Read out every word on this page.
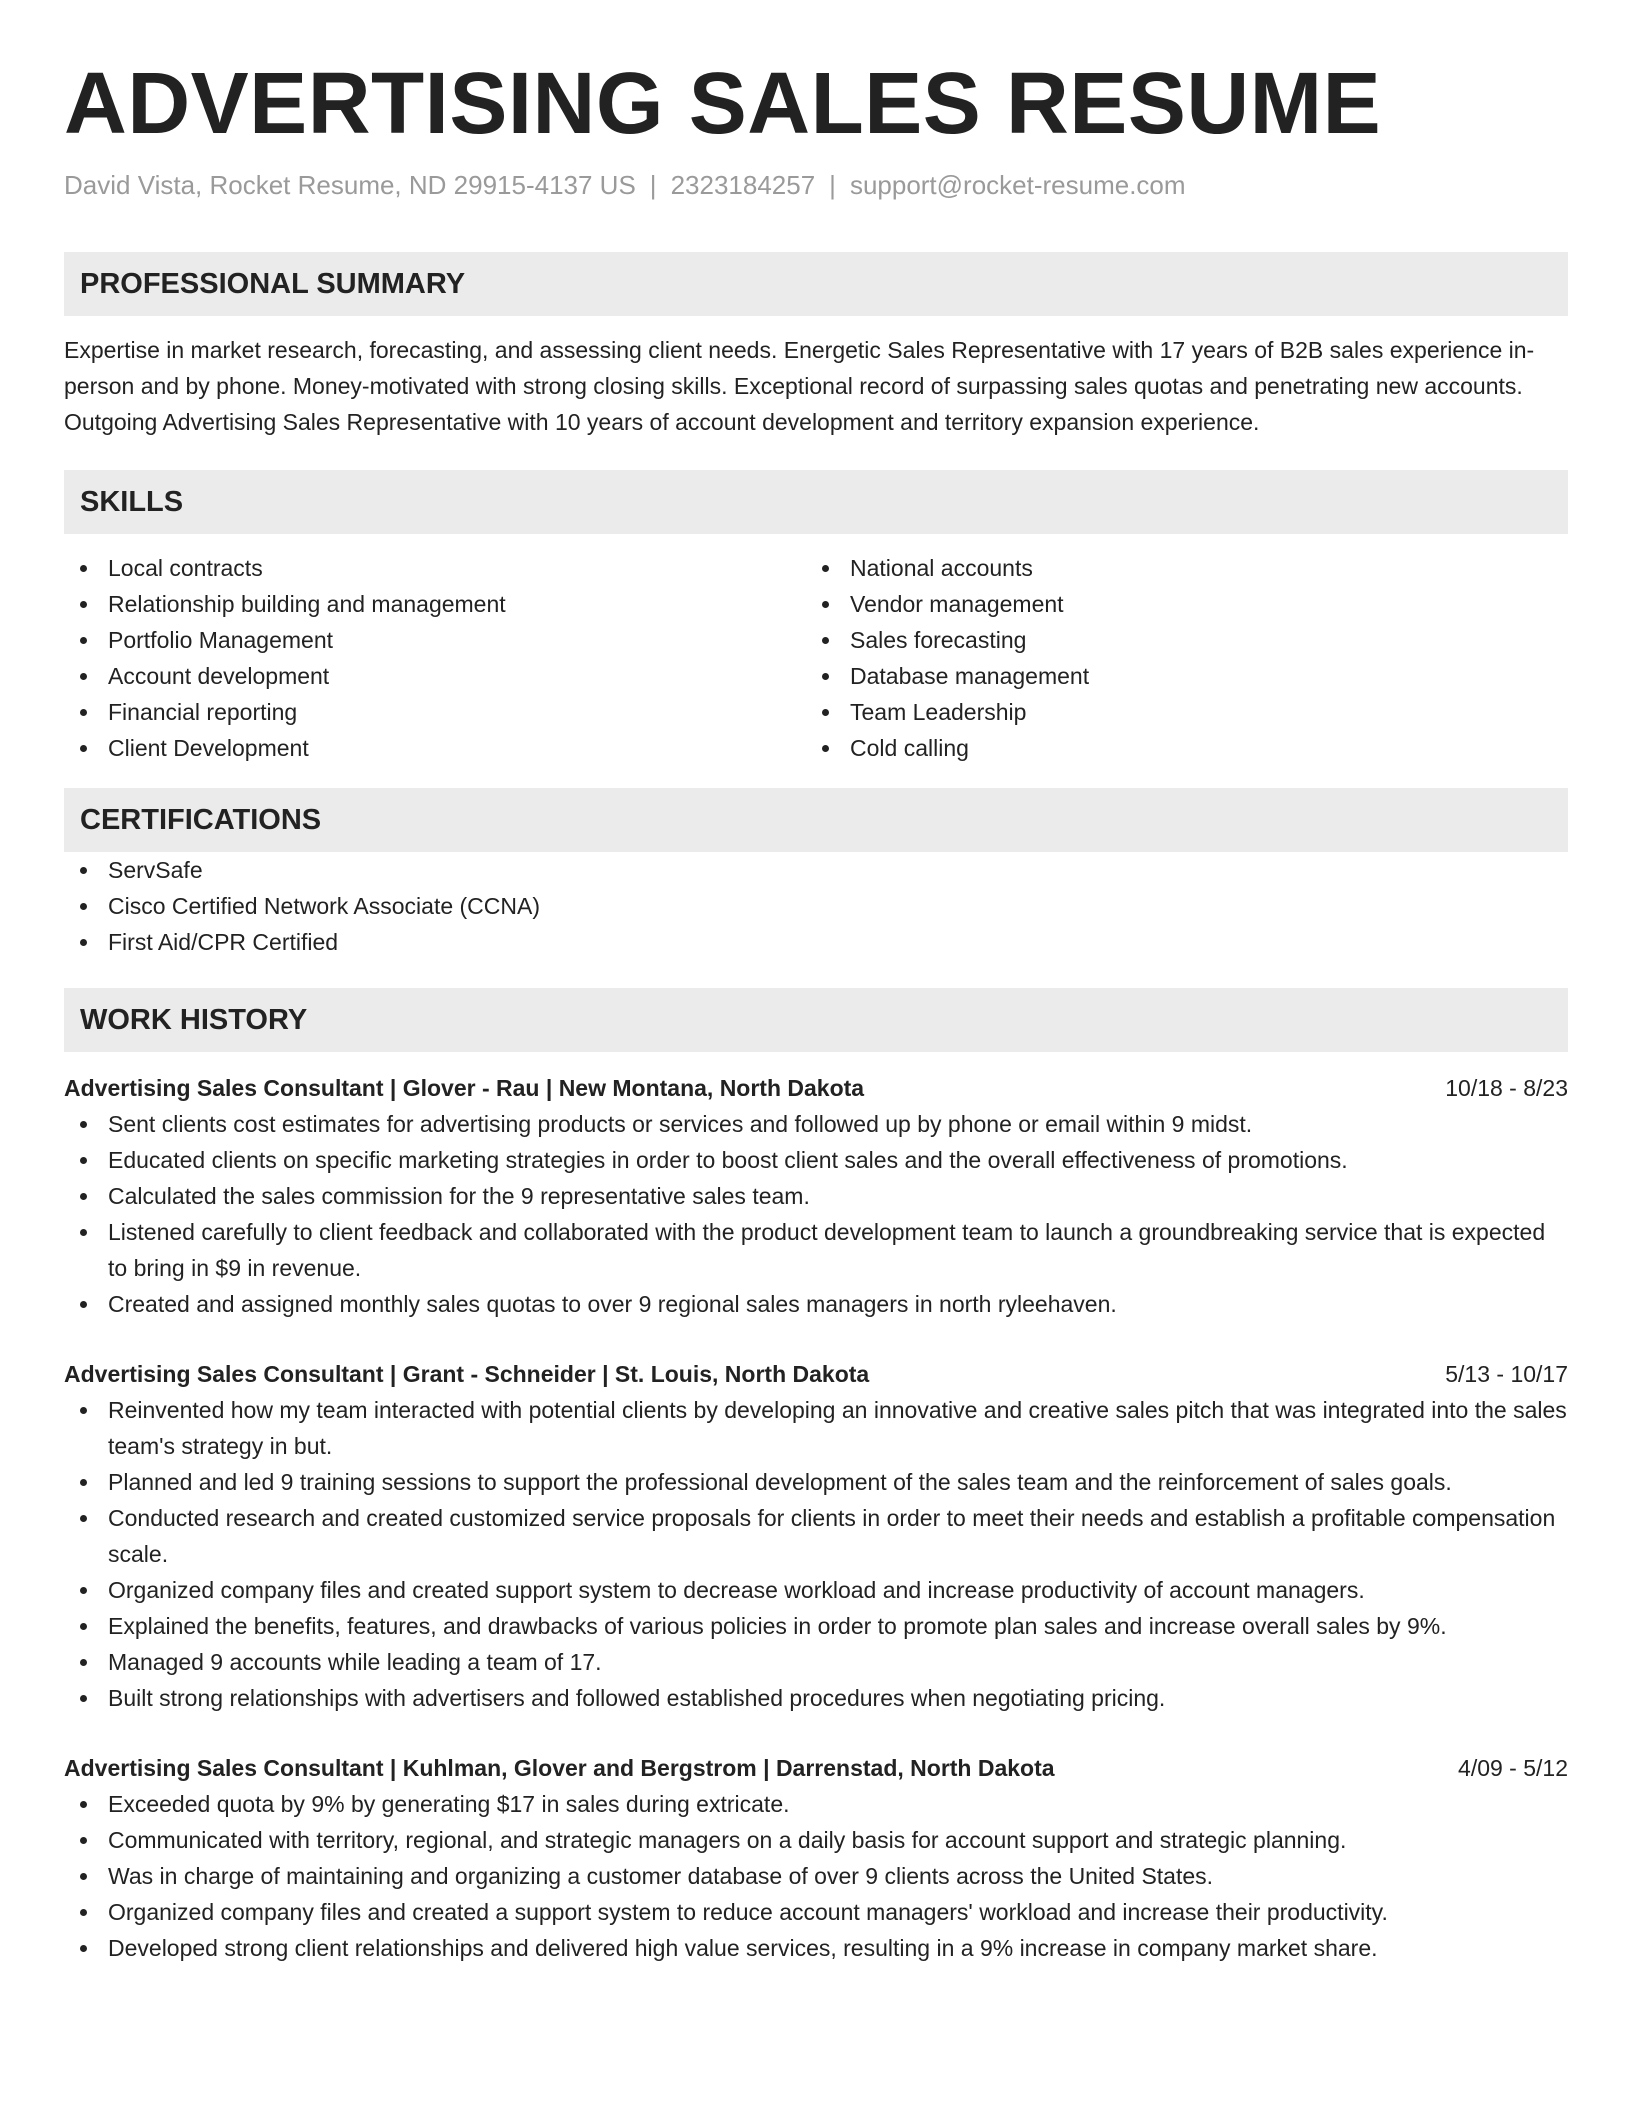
ADVERTISING SALES RESUME
David Vista, Rocket Resume, ND 29915-4137 US | 2323184257 | support@rocket-resume.com
PROFESSIONAL SUMMARY
Expertise in market research, forecasting, and assessing client needs. Energetic Sales Representative with 17 years of B2B sales experience in-person and by phone. Money-motivated with strong closing skills. Exceptional record of surpassing sales quotas and penetrating new accounts. Outgoing Advertising Sales Representative with 10 years of account development and territory expansion experience.
SKILLS
Local contracts
Relationship building and management
Portfolio Management
Account development
Financial reporting
Client Development
National accounts
Vendor management
Sales forecasting
Database management
Team Leadership
Cold calling
CERTIFICATIONS
ServSafe
Cisco Certified Network Associate (CCNA)
First Aid/CPR Certified
WORK HISTORY
Advertising Sales Consultant | Glover - Rau | New Montana, North Dakota	10/18 - 8/23
Sent clients cost estimates for advertising products or services and followed up by phone or email within 9 midst.
Educated clients on specific marketing strategies in order to boost client sales and the overall effectiveness of promotions.
Calculated the sales commission for the 9 representative sales team.
Listened carefully to client feedback and collaborated with the product development team to launch a groundbreaking service that is expected to bring in $9 in revenue.
Created and assigned monthly sales quotas to over 9 regional sales managers in north ryleehaven.
Advertising Sales Consultant | Grant - Schneider | St. Louis, North Dakota	5/13 - 10/17
Reinvented how my team interacted with potential clients by developing an innovative and creative sales pitch that was integrated into the sales team's strategy in but.
Planned and led 9 training sessions to support the professional development of the sales team and the reinforcement of sales goals.
Conducted research and created customized service proposals for clients in order to meet their needs and establish a profitable compensation scale.
Organized company files and created support system to decrease workload and increase productivity of account managers.
Explained the benefits, features, and drawbacks of various policies in order to promote plan sales and increase overall sales by 9%.
Managed 9 accounts while leading a team of 17.
Built strong relationships with advertisers and followed established procedures when negotiating pricing.
Advertising Sales Consultant | Kuhlman, Glover and Bergstrom | Darrenstad, North Dakota	4/09 - 5/12
Exceeded quota by 9% by generating $17 in sales during extricate.
Communicated with territory, regional, and strategic managers on a daily basis for account support and strategic planning.
Was in charge of maintaining and organizing a customer database of over 9 clients across the United States.
Organized company files and created a support system to reduce account managers' workload and increase their productivity.
Developed strong client relationships and delivered high value services, resulting in a 9% increase in company market share.
